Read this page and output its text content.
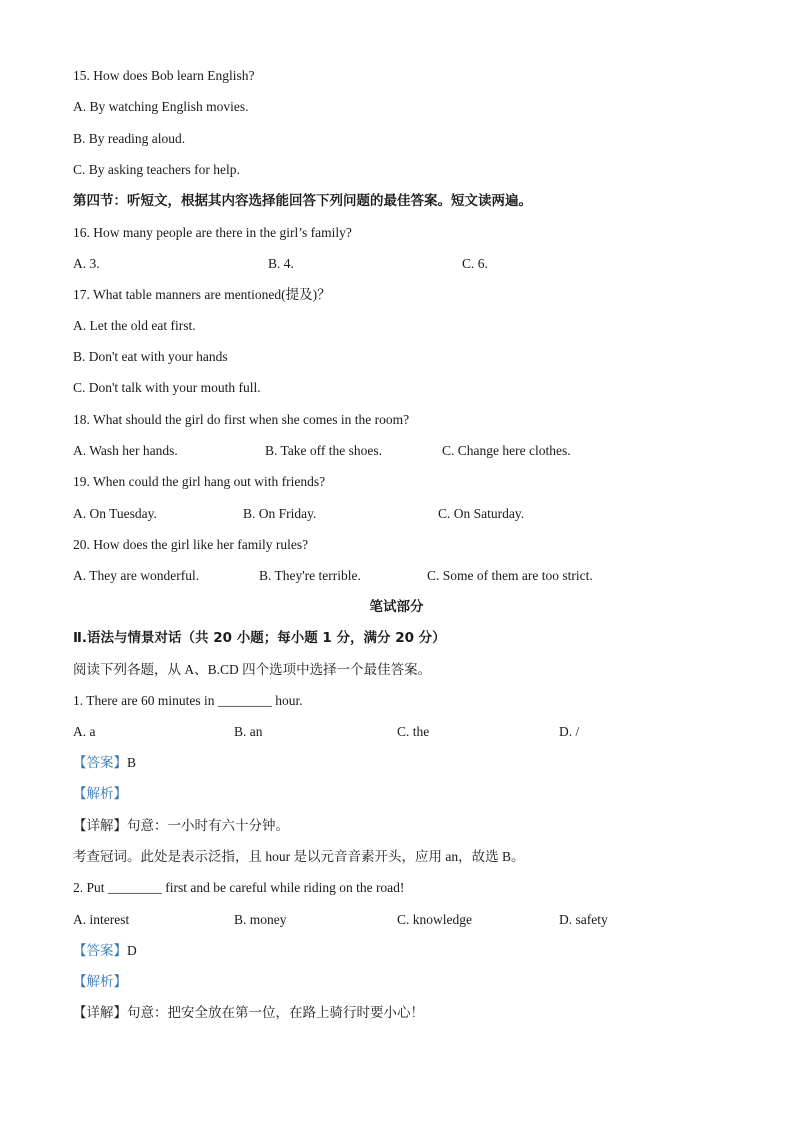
15. How does Bob learn English?
A. By watching English movies.
B. By reading aloud.
C. By asking teachers for help.
第四节：听短文，根据其内容选择能回答下列问题的最佳答案。短文读两遍。
16. How many people are there in the girl’s family?
A. 3.	B. 4.	C. 6.
17. What table manners are mentioned(提及)？
A. Let the old eat first.
B. Don't eat with your hands
C. Don't talk with your mouth full.
18. What should the girl do first when she comes in the room?
A. Wash her hands.	B. Take off the shoes.	C. Change here clothes.
19. When could the girl hang out with friends?
A. On Tuesday.	B. On Friday.	C. On Saturday.
20. How does the girl like her family rules?
A. They are wonderful.	B. They're terrible.	C. Some of them are too strict.
笔试部分
Ⅱ.语法与情景对话（共 20 小题；每小题 1 分，满分 20 分）
阅读下列各题，从 A、B.CD 四个选项中选择一个最佳答案。
1. There are 60 minutes in ________ hour.
A. a	B. an	C. the	D. /
【答案】B
【解析】
【详解】句意：一小时有六十分钟。
考查冠词。此处是表示泛指，且 hour 是以元音音素开头，应用 an，故选 B。
2. Put ________ first and be careful while riding on the road!
A. interest	B. money	C. knowledge	D. safety
【答案】D
【解析】
【详解】句意：把安全放在第一位，在路上骑行时要小心！
